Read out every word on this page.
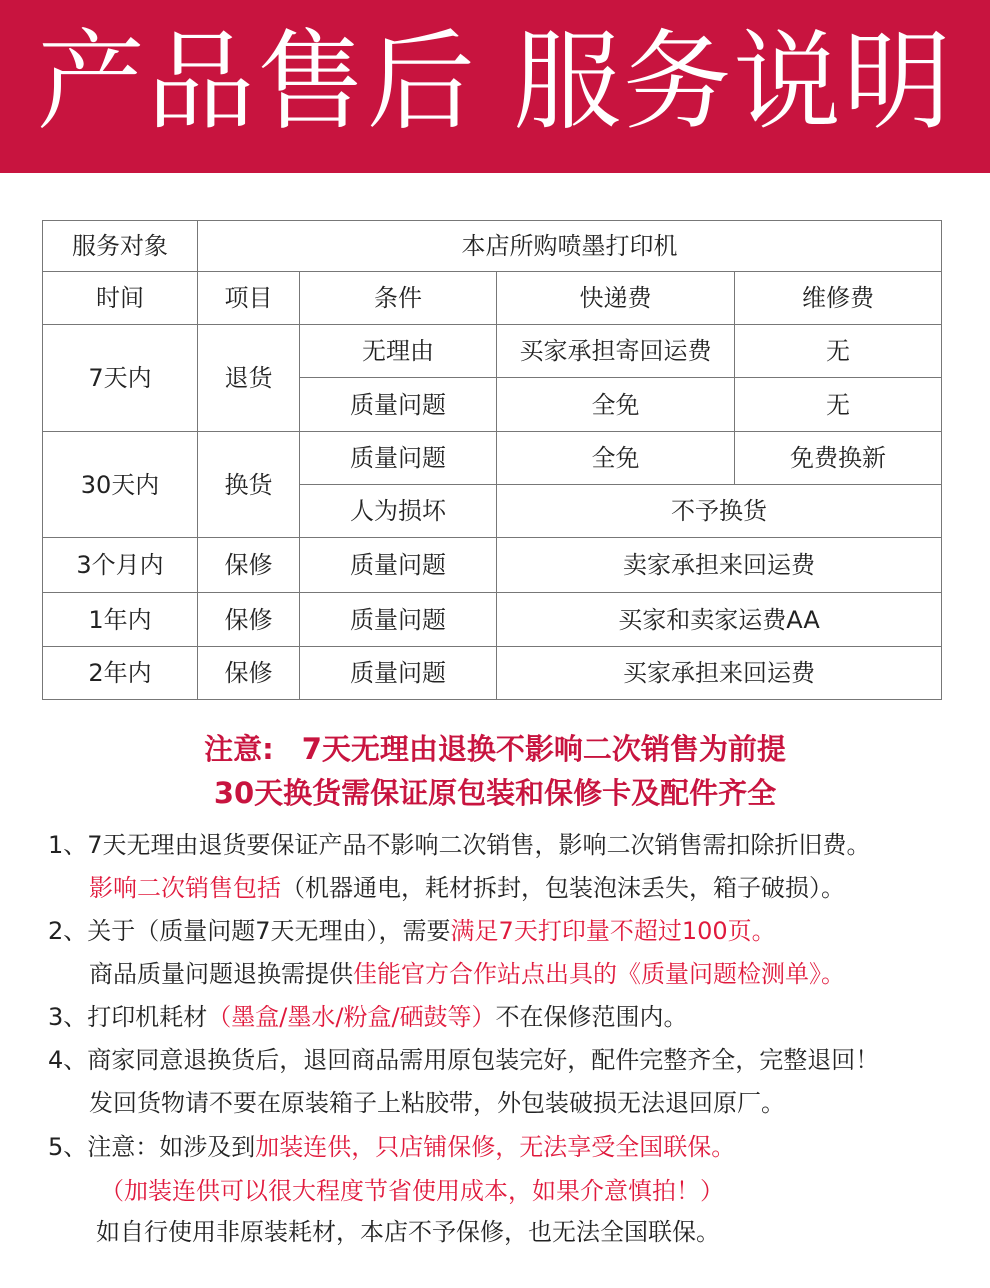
产品售后 服务说明
服务对象	本店所购喷墨打印机			
时间	项目	条件	快递费	维修费
7天内	退货	无理由	买家承担寄回运费	无
		质量问题	全免	无
30天内	换货	质量问题	全免	免费换新
		人为损坏	不予换货	
3个月内	保修	质量问题	卖家承担来回运费	
1年内	保修	质量问题	买家和卖家运费AA	
2年内	保修	质量问题	买家承担来回运费	
注意: 7天无理由退换不影响二次销售为前提
30天换货需保证原包装和保修卡及配件齐全
1、7天无理由退货要保证产品不影响二次销售，影响二次销售需扣除折旧费。
影响二次销售包括（机器通电，耗材拆封，包装泡沫丢失，箱子破损）。
2、关于（质量问题7天无理由），需要满足7天打印量不超过100页。
商品质量问题退换需提供佳能官方合作站点出具的《质量问题检测单》。
3、打印机耗材（墨盒/墨水/粉盒/硒鼓等）不在保修范围内。
4、商家同意退换货后，退回商品需用原包装完好，配件完整齐全，完整退回！
发回货物请不要在原装箱子上粘胶带，外包装破损无法退回原厂。
5、注意：如涉及到加装连供，只店铺保修，无法享受全国联保。
（加装连供可以很大程度节省使用成本，如果介意慎拍！）
如自行使用非原装耗材，本店不予保修，也无法全国联保。
